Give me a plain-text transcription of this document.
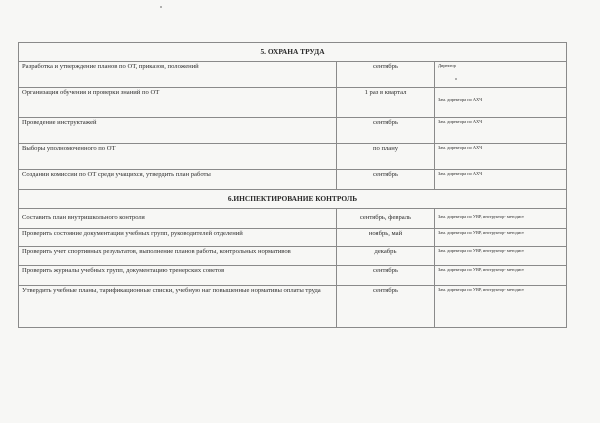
5. ОХРАНА ТРУДА		
Разработка и утверждение планов по ОТ, приказов, положений	сентябрь	Директор
Организация обучения и проверки знаний по ОТ	1 раз в квартал	Зам. директора по АХЧ
Проведение инструктажей	сентябрь	Зам. директора по АХЧ
Выборы уполномоченного по ОТ	по плану	Зам. директора по АХЧ
Создании комиссии по ОТ среди учащихся, утвердить план работы	сентябрь	Зам. директора по АХЧ
6.ИНСПЕКТИРОВАНИЕ КОНТРОЛЬ		
Составить план внутришкольного контроля	сентябрь, февраль	Зам. директора по УВР, инструктор- методист
Проверить состояние документации учебных групп, руководителей отделений	ноябрь, май	Зам. директора по УВР, инструктор- методист
Проверить учет спортивных результатов, выполнение планов работы, контрольных нормативов	декабрь	Зам. директора по УВР, инструктор- методист
Проверить журналы учебных групп, документацию тренерских советов	сентябрь	Зам. директора по УВР, инструктор- методист
Утвердить учебные планы, тарификационные списки, учебную наг повышенные нормативы оплаты труда	сентябрь	Зам. директора по УВР, инструктор- методист
